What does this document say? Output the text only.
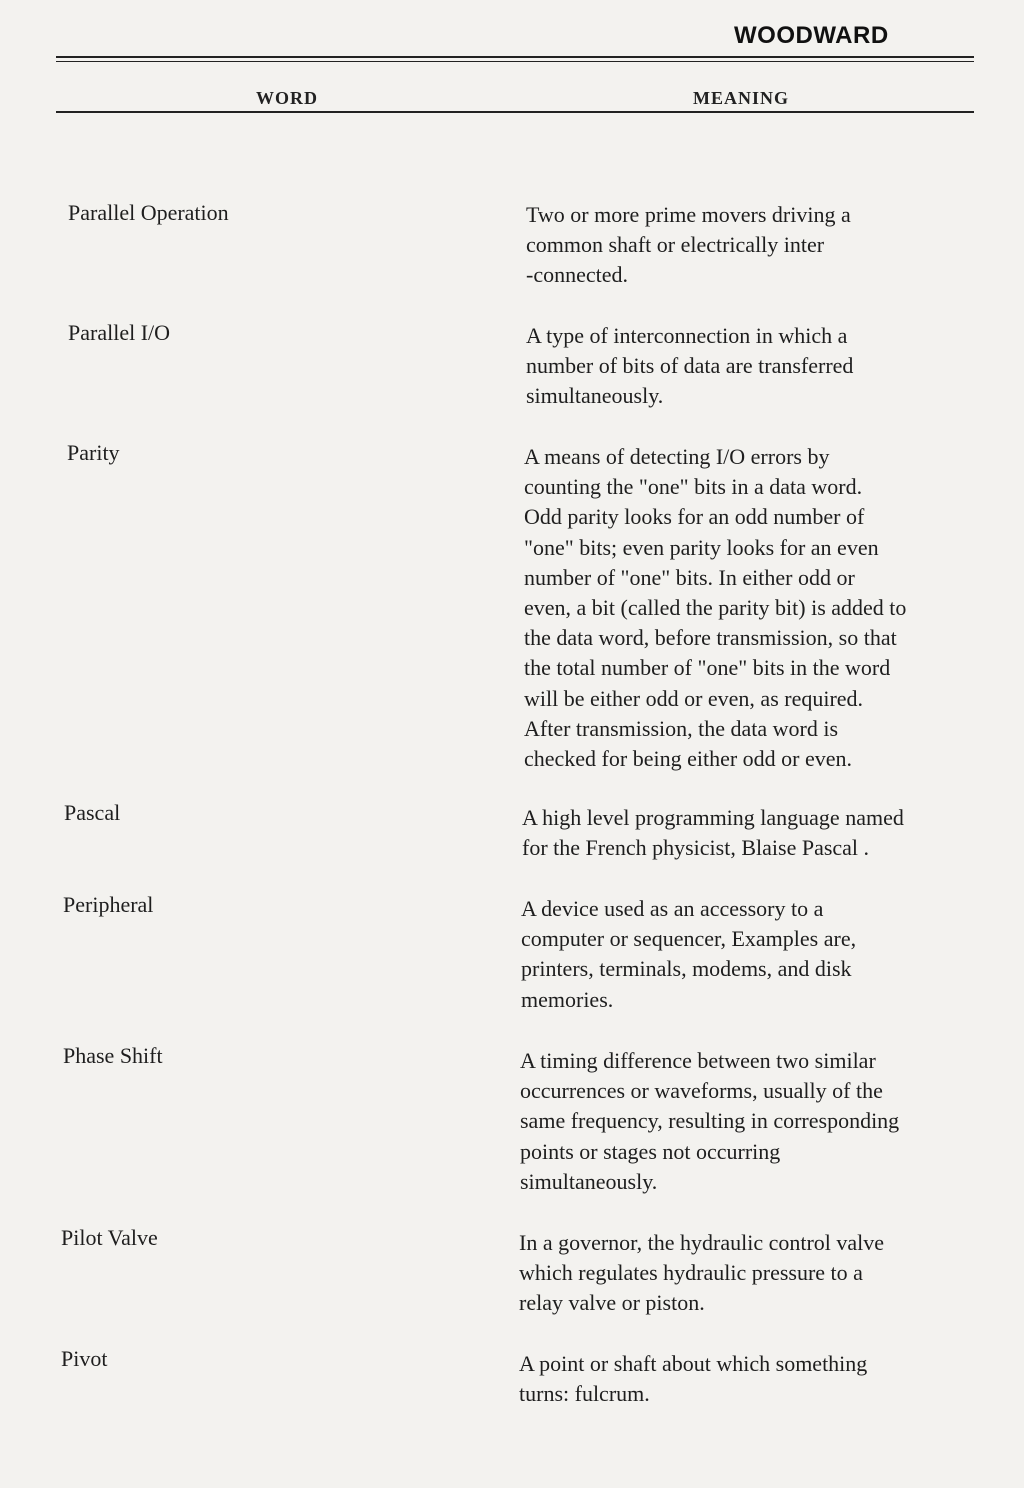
WOODWARD
WORD	MEANING
Parallel Operation	Two or more prime movers driving a
common shaft or electrically inter
-connected.
Parallel I/O	A type of interconnection in which a
number of bits of data are transferred
simultaneously.
Parity	A means of detecting I/O errors by
counting the "one" bits in a data word.
Odd parity looks for an odd number of
"one" bits; even parity looks for an even
number of "one" bits. In either odd or
even, a bit (called the parity bit) is added to
the data word, before transmission, so that
the total number of "one" bits in the word
will be either odd or even, as required.
After transmission, the data word is
checked for being either odd or even.
Pascal	A high level programming language named
for the French physicist, Blaise Pascal .
Peripheral	A device used as an accessory to a
computer or sequencer, Examples are,
printers, terminals, modems, and disk
memories.
Phase Shift	A timing difference between two similar
occurrences or waveforms, usually of the
same frequency, resulting in corresponding
points or stages not occurring
simultaneously.
Pilot Valve	In a governor, the hydraulic control valve
which regulates hydraulic pressure to a
relay valve or piston.
Pivot	A point or shaft about which something
turns: fulcrum.
